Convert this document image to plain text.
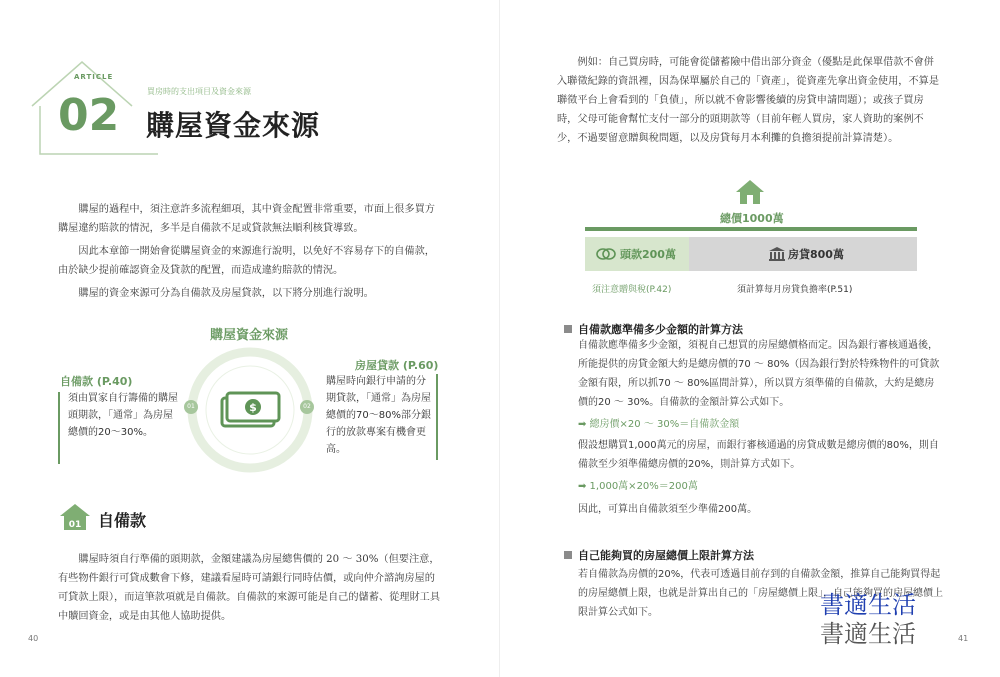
ARTICLE
02	買房時的支出項目及資金來源
購屋資金來源

購屋的過程中，須注意許多流程細項，其中資金配置非常重要，市面上很多買方購屋違約賠款的情況，多半是自備款不足或貸款無法順利核貸導致。

因此本章節一開始會從購屋資金的來源進行說明，以免好不容易存下的自備款，由於缺少提前確認資金及貸款的配置，而造成違約賠款的情況。

購屋的資金來源可分為自備款及房屋貸款，以下將分別進行說明。

購屋資金來源
$
01	02
自備款 (P.40)
須由買家自行籌備的購屋頭期款，「通常」為房屋總價的20～30%。
房屋貸款 (P.60)
購屋時向銀行申請的分期貸款，「通常」為房屋總價的70～80%部分銀行的放款專案有機會更高。
01 自備款

購屋時須自行準備的頭期款，金額建議為房屋總售價的 20 ～ 30%（但要注意，有些物件銀行可貸成數會下修，建議看屋時可請銀行同時估價，或向仲介諮詢房屋的可貸款上限），而這筆款項就是自備款。自備款的來源可能是自己的儲蓄、從理財工具中贖回資金，或是由其他人協助提供。

40

例如：自己買房時，可能會從儲蓄險中借出部分資金（優點是此保單借款不會併入聯徵紀錄的資訊裡，因為保單屬於自己的「資產」，從資產先拿出資金使用，不算是聯徵平台上會看到的「負債」，所以就不會影響後續的房貸申請問題）；或孩子買房時，父母可能會幫忙支付一部分的頭期款等（目前年輕人買房，家人資助的案例不少，不過要留意贈與稅問題，以及房貸每月本利攤的負擔須提前計算清楚）。

總價1000萬
頭款200萬	房貸800萬
須注意贈與稅(P.42)	須計算每月房貸負擔率(P.51)
自備款應準備多少金額的計算方法

自備款應準備多少金額，須視自己想買的房屋總價格而定。因為銀行審核通過後，所能提供的房貸金額大約是總房價的70 ～ 80%（因為銀行對於特殊物件的可貸款金額有限，所以抓70 ～ 80%區間計算），所以買方須準備的自備款，大約是總房價的20 ～ 30%。自備款的金額計算公式如下。

➡ 總房價×20 ～ 30%＝自備款金額

假設想購買1,000萬元的房屋，而銀行審核通過的房貸成數是總房價的80%，則自備款至少須準備總房價的20%，則計算方式如下。

➡ 1,000萬×20%＝200萬

因此，可算出自備款須至少準備200萬。

自己能夠買的房屋總價上限計算方法

若自備款為房價的20%，代表可透過目前存到的自備款金額，推算自己能夠買得起的房屋總價上限，也就是計算出自己的「房屋總價上限」，自己能夠買的房屋總價上限計算公式如下。	書適生活
書適生活	41
